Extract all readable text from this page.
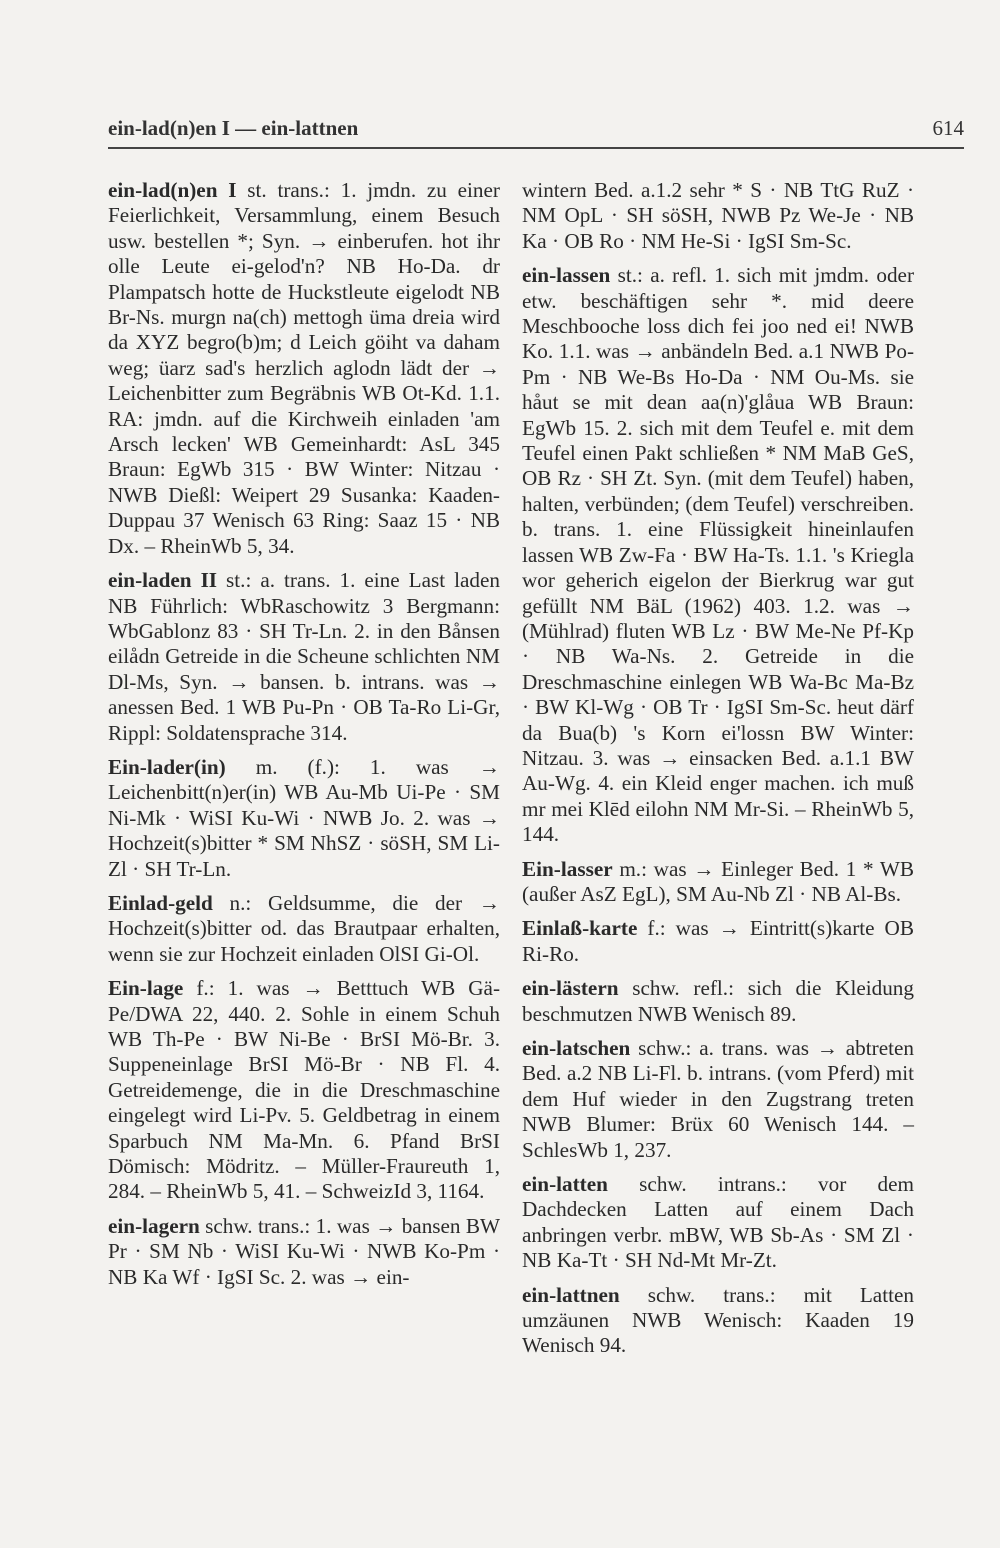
ein-lad(n)en I — ein-lattnen	614

ein-lad(n)en I st. trans.: 1. jmdn. zu einer Feierlichkeit, Versammlung, einem Besuch usw. bestellen *; Syn. → einberufen. hot ihr olle Leute ei-gelod'n? NB Ho-Da. dr Plampatsch hotte de Huckstleute eigelodt NB Br-Ns. murgn na(ch) mettogh üma dreia wird da XYZ begro(b)m; d Leich göiht va daham weg; üarz sad's herzlich aglodn lädt der → Leichenbitter zum Begräbnis WB Ot-Kd. 1.1. RA: jmdn. auf die Kirchweih einladen 'am Arsch lecken' WB Gemeinhardt: AsL 345 Braun: EgWb 315 · BW Winter: Nitzau · NWB Dießl: Weipert 29 Susanka: Kaaden-Duppau 37 Wenisch 63 Ring: Saaz 15 · NB Dx. – RheinWb 5, 34.

ein-laden II st.: a. trans. 1. eine Last laden NB Führlich: WbRaschowitz 3 Bergmann: WbGablonz 83 · SH Tr-Ln. 2. in den Bånsen eilådn Getreide in die Scheune schlichten NM Dl-Ms, Syn. → bansen. b. intrans. was → anessen Bed. 1 WB Pu-Pn · OB Ta-Ro Li-Gr, Rippl: Soldatensprache 314.

Ein-lader(in) m. (f.): 1. was → Leichenbitt(n)er(in) WB Au-Mb Ui-Pe · SM Ni-Mk · WiSI Ku-Wi · NWB Jo. 2. was → Hochzeit(s)bitter * SM NhSZ · söSH, SM Li-Zl · SH Tr-Ln.

Einlad-geld n.: Geldsumme, die der → Hochzeit(s)bitter od. das Brautpaar erhalten, wenn sie zur Hochzeit einladen OlSI Gi-Ol.

Ein-lage f.: 1. was → Betttuch WB Gä-Pe/DWA 22, 440. 2. Sohle in einem Schuh WB Th-Pe · BW Ni-Be · BrSI Mö-Br. 3. Suppeneinlage BrSI Mö-Br · NB Fl. 4. Getreidemenge, die in die Dreschmaschine eingelegt wird Li-Pv. 5. Geldbetrag in einem Sparbuch NM Ma-Mn. 6. Pfand BrSI Dömisch: Mödritz. – Müller-Fraureuth 1, 284. – RheinWb 5, 41. – SchweizId 3, 1164.

ein-lagern schw. trans.: 1. was → bansen BW Pr · SM Nb · WiSI Ku-Wi · NWB Ko-Pm · NB Ka Wf · IgSI Sc. 2. was → ein-

wintern Bed. a.1.2 sehr * S · NB TtG RuZ · NM OpL · SH söSH, NWB Pz We-Je · NB Ka · OB Ro · NM He-Si · IgSI Sm-Sc.

ein-lassen st.: a. refl. 1. sich mit jmdm. oder etw. beschäftigen sehr *. mid deere Meschbooche loss dich fei joo ned ei! NWB Ko. 1.1. was → anbändeln Bed. a.1 NWB Po-Pm · NB We-Bs Ho-Da · NM Ou-Ms. sie håut se mit dean aa(n)'glåua WB Braun: EgWb 15. 2. sich mit dem Teufel e. mit dem Teufel einen Pakt schließen * NM MaB GeS, OB Rz · SH Zt. Syn. (mit dem Teufel) haben, halten, verbünden; (dem Teufel) verschreiben. b. trans. 1. eine Flüssigkeit hineinlaufen lassen WB Zw-Fa · BW Ha-Ts. 1.1. 's Kriegla wor geherich eigelon der Bierkrug war gut gefüllt NM BäL (1962) 403. 1.2. was → (Mühlrad) fluten WB Lz · BW Me-Ne Pf-Kp · NB Wa-Ns. 2. Getreide in die Dreschmaschine einlegen WB Wa-Bc Ma-Bz · BW Kl-Wg · OB Tr · IgSI Sm-Sc. heut därf da Bua(b) 's Korn ei'lossn BW Winter: Nitzau. 3. was → einsacken Bed. a.1.1 BW Au-Wg. 4. ein Kleid enger machen. ich muß mr mei Klēd eilohn NM Mr-Si. – RheinWb 5, 144.

Ein-lasser m.: was → Einleger Bed. 1 * WB (außer AsZ EgL), SM Au-Nb Zl · NB Al-Bs.

Einlaß-karte f.: was → Eintritt(s)karte OB Ri-Ro.

ein-lästern schw. refl.: sich die Kleidung beschmutzen NWB Wenisch 89.

ein-latschen schw.: a. trans. was → abtreten Bed. a.2 NB Li-Fl. b. intrans. (vom Pferd) mit dem Huf wieder in den Zugstrang treten NWB Blumer: Brüx 60 Wenisch 144. – SchlesWb 1, 237.

ein-latten schw. intrans.: vor dem Dachdecken Latten auf einem Dach anbringen verbr. mBW, WB Sb-As · SM Zl · NB Ka-Tt · SH Nd-Mt Mr-Zt.

ein-lattnen schw. trans.: mit Latten umzäunen NWB Wenisch: Kaaden 19 Wenisch 94.
